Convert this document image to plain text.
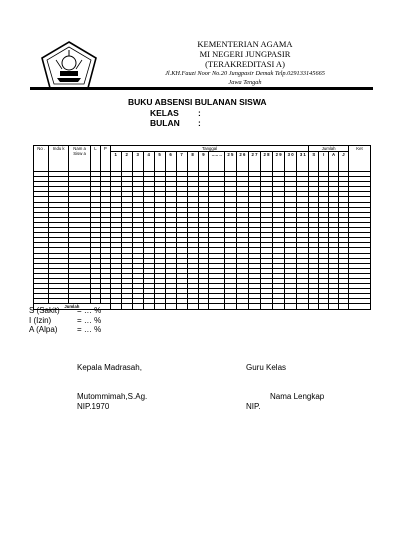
KEMENTERIAN AGAMA
MI NEGERI JUNGPASIR
(TERAKREDITASI A)
Jl.KH.Fauzi Noor No.20 Jungpasir Demak Telp.029133145665
Jawa Tengah
BUKU ABSENSI BULANAN SISWA
KELAS :
BULAN :
No .	Indu k	Nam a Sisw a	L	P	Tanggal																	Jumlah				Ket
					1	2	3	4	5	6	7	8	9	….. ..	2 5	2 6	2 7	2 8	2 9	3 0	3 1	S	I	A	J	

Jumlah																										
S (Sakit) = … %
I (Izin)	= … %
A (Alpa) = … %
Kepala Madrasah,
Mutommimah,S.Ag.
NIP.1970
Guru Kelas
Nama Lengkap
NIP.
